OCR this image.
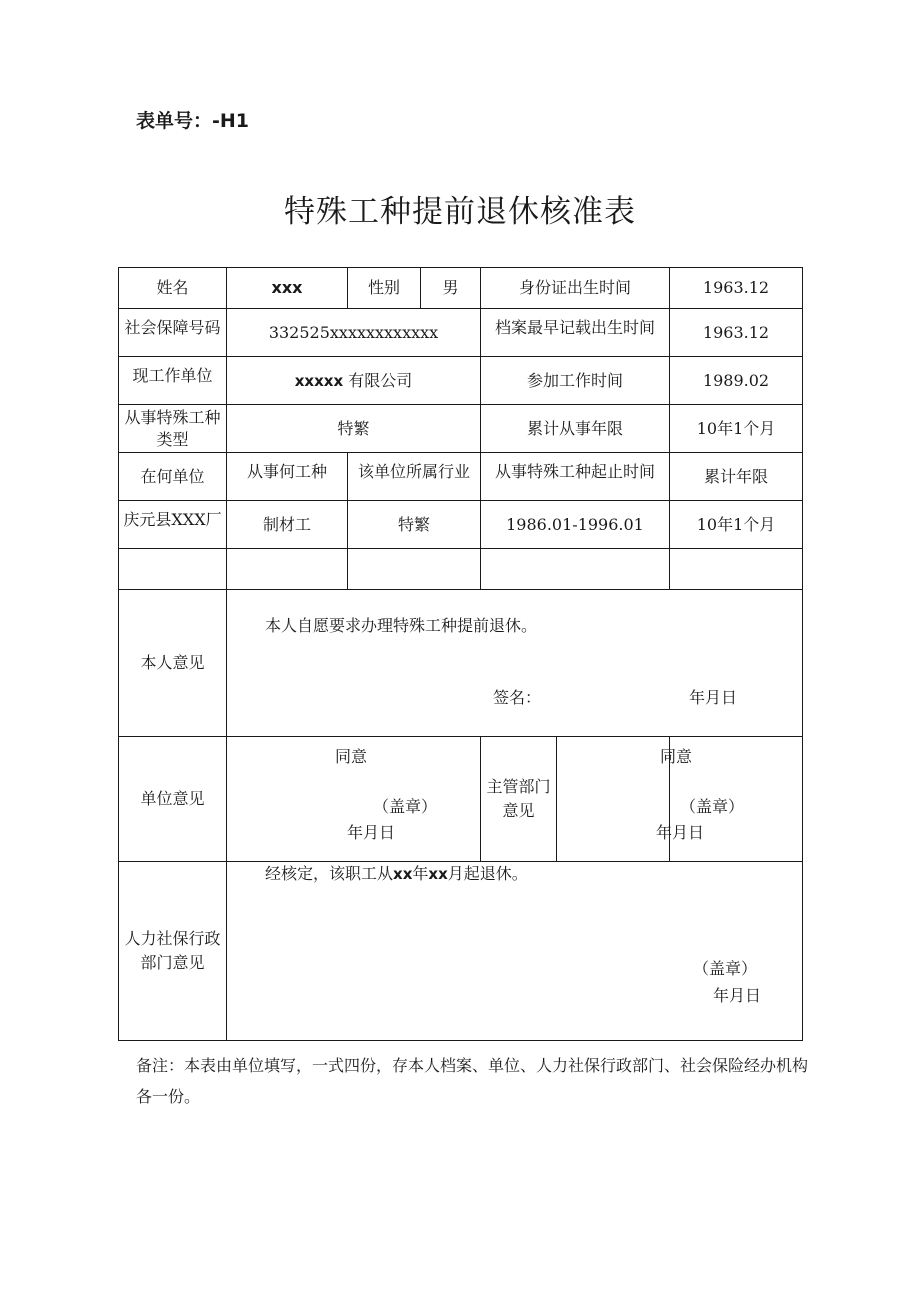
表单号：-H1
特殊工种提前退休核准表
姓名	xxx	性别	男	身份证出生时间	1963.12
社会保障号码	332525xxxxxxxxxxxx			档案最早记载出生时间	1963.12
现工作单位	xxxxx 有限公司			参加工作时间	1989.02
从事特殊工种类型	特繁			累计从事年限	10年1个月
在何单位	从事何工种	该单位所属行业		从事特殊工种起止时间	累计年限
庆元县XXX厂	制材工	特繁		1986.01-1996.01	10年1个月

本人意见	本人自愿要求办理特殊工种提前退休。
签名： 年月日				

单位意见	同意
（盖章）
年月日			主管部门意见	同意
（盖章）
年月日

人力社保行政部门意见	经核定，该职工从xx年xx月起退休。
（盖章）
年月日				
备注：本表由单位填写，一式四份，存本人档案、单位、人力社保行政部门、社会保险经办机构各一份。
